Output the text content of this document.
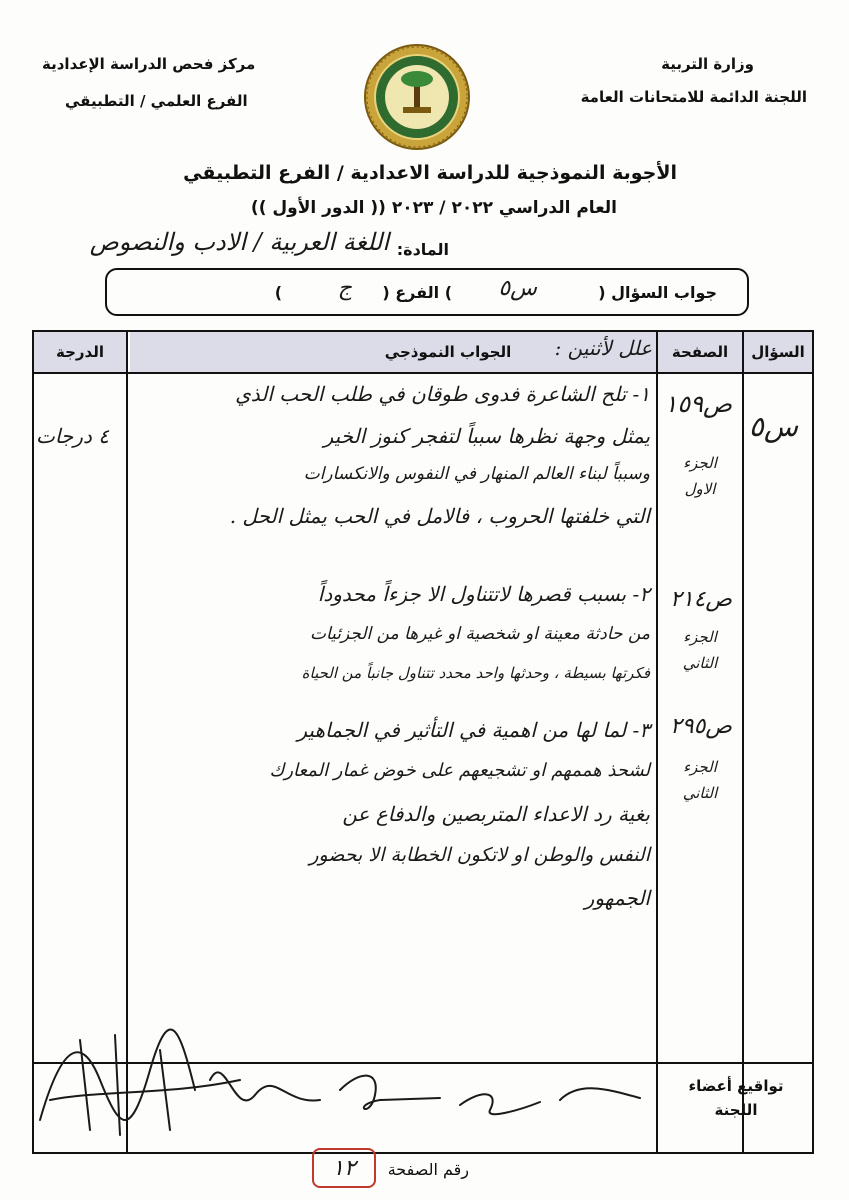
وزارة التربية
اللجنة الدائمة للامتحانات العامة
مركز فحص الدراسة الإعدادية
الفرع العلمي / التطبيقي
الأجوبة النموذجية للدراسة الاعدادية / الفرع التطبيقي
العام الدراسي ٢٠٢٢ / ٢٠٢٣ (( الدور الأول ))
المادة:
اللغة العربية / الادب والنصوص
جواب السؤال (
س٥
) الفرع (
ج
)
السؤال
الصفحة
الجواب النموذجي
الدرجة	علل لأثنين :
س٥
٤ درجات
ص١٥٩
الجزء الاول
١- تلح الشاعرة فدوى طوقان في طلب الحب الذي
يمثل وجهة نظرها سبباً لتفجر كنوز الخير
وسبباً لبناء العالم المنهار في النفوس والانكسارات
التي خلفتها الحروب ، فالامل في الحب يمثل الحل .
ص٢١٤
الجزء الثاني
٢- بسبب قصرها لاتتناول الا جزءاً محدوداً
من حادثة معينة او شخصية او غيرها من الجزئيات
فكرتها بسيطة ، وحدثها واحد محدد تتناول جانباً من الحياة
ص٢٩٥
الجزء الثاني
٣- لما لها من اهمية في التأثير في الجماهير
لشحذ هممهم او تشجيعهم على خوض غمار المعارك
بغية رد الاعداء المتربصين والدفاع عن
النفس والوطن او لاتكون الخطابة الا بحضور
الجمهور
تواقيع أعضاء اللجنة
رقم الصفحة
١٢
